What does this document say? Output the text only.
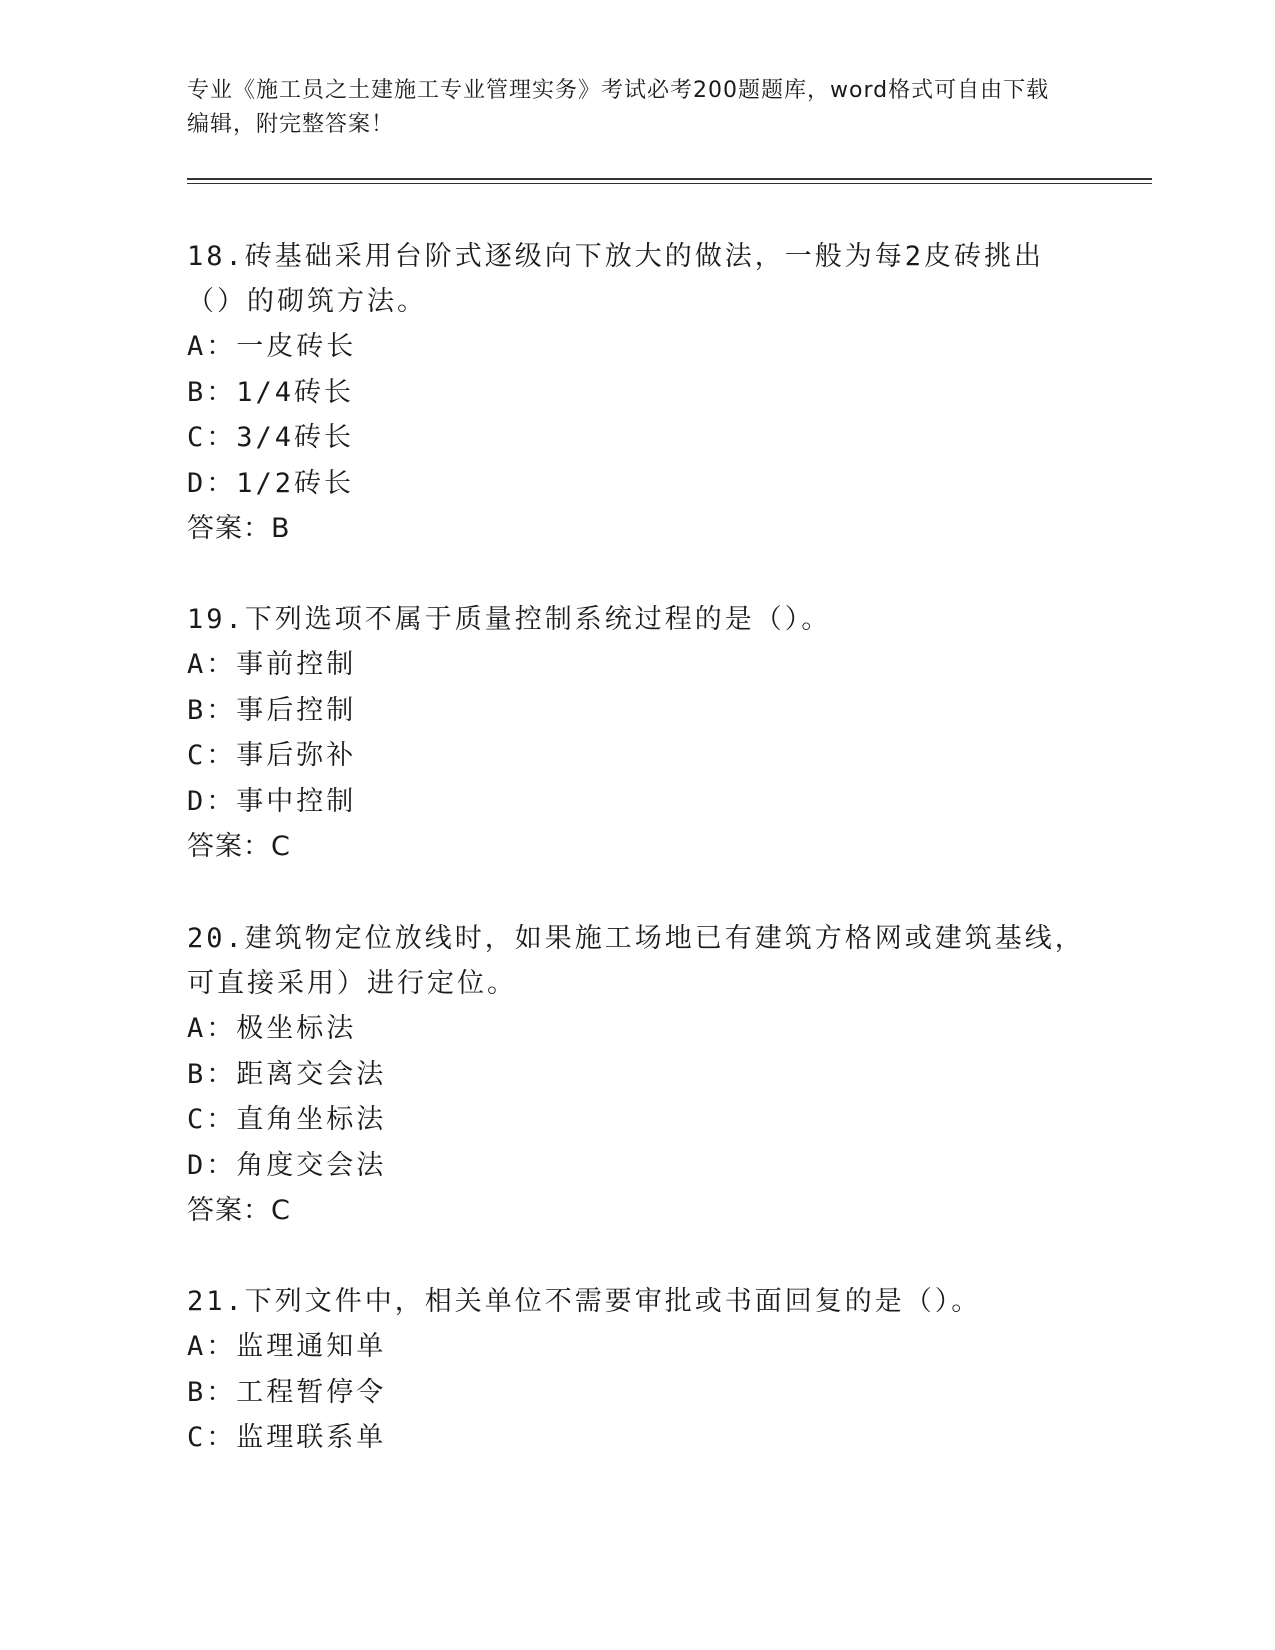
专业《施工员之土建施工专业管理实务》考试必考200题题库，word格式可自由下载编辑，附完整答案！
18.砖基础采用台阶式逐级向下放大的做法，一般为每2皮砖挑出（）的砌筑方法。
A：一皮砖长
B：1/4砖长
C：3/4砖长
D：1/2砖长
答案：B
19.下列选项不属于质量控制系统过程的是（）。
A：事前控制
B：事后控制
C：事后弥补
D：事中控制
答案：C
20.建筑物定位放线时，如果施工场地已有建筑方格网或建筑基线，可直接采用）进行定位。
A：极坐标法
B：距离交会法
C：直角坐标法
D：角度交会法
答案：C
21.下列文件中，相关单位不需要审批或书面回复的是（）。
A：监理通知单
B：工程暂停令
C：监理联系单
